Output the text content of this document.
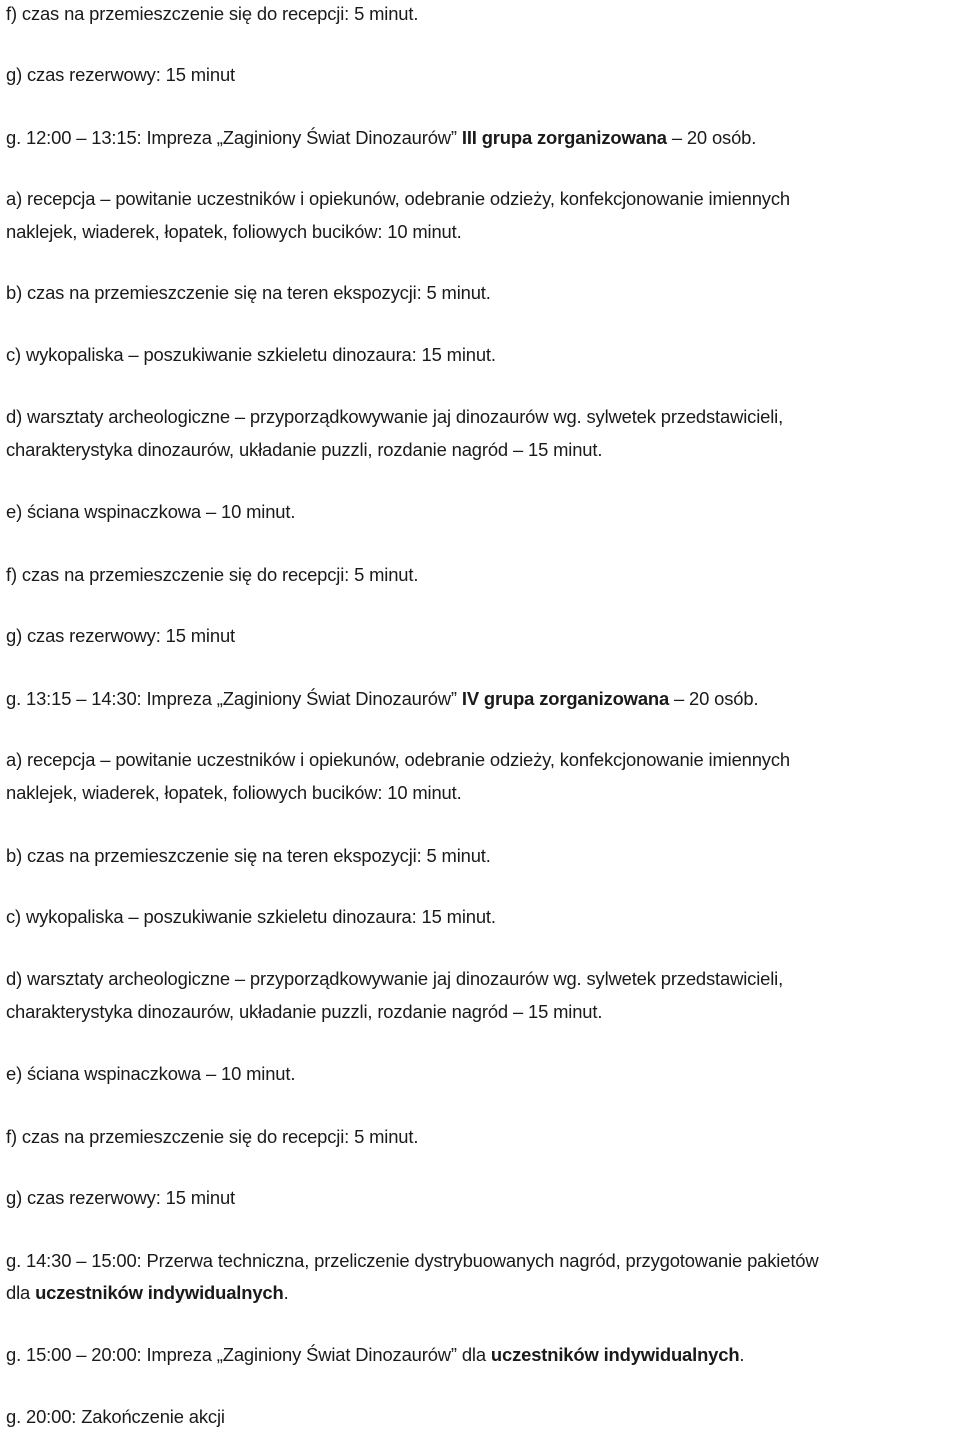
f) czas na przemieszczenie się do recepcji: 5 minut.
g) czas rezerwowy: 15 minut
g. 12:00 – 13:15: Impreza „Zaginiony Świat Dinozaurów” III grupa zorganizowana – 20 osób.
a) recepcja – powitanie uczestników i opiekunów, odebranie odzieży, konfekcjonowanie imiennych
naklejek, wiaderek, łopatek, foliowych bucików: 10 minut.
b) czas na przemieszczenie się na teren ekspozycji: 5 minut.
c) wykopaliska – poszukiwanie szkieletu dinozaura: 15 minut.
d) warsztaty archeologiczne – przyporządkowywanie jaj dinozaurów wg. sylwetek przedstawicieli,
charakterystyka dinozaurów, układanie puzzli, rozdanie nagród – 15 minut.
e) ściana wspinaczkowa – 10 minut.
f) czas na przemieszczenie się do recepcji: 5 minut.
g) czas rezerwowy: 15 minut
g. 13:15 – 14:30: Impreza „Zaginiony Świat Dinozaurów” IV grupa zorganizowana – 20 osób.
a) recepcja – powitanie uczestników i opiekunów, odebranie odzieży, konfekcjonowanie imiennych
naklejek, wiaderek, łopatek, foliowych bucików: 10 minut.
b) czas na przemieszczenie się na teren ekspozycji: 5 minut.
c) wykopaliska – poszukiwanie szkieletu dinozaura: 15 minut.
d) warsztaty archeologiczne – przyporządkowywanie jaj dinozaurów wg. sylwetek przedstawicieli,
charakterystyka dinozaurów, układanie puzzli, rozdanie nagród – 15 minut.
e) ściana wspinaczkowa – 10 minut.
f) czas na przemieszczenie się do recepcji: 5 minut.
g) czas rezerwowy: 15 minut
g. 14:30 – 15:00: Przerwa techniczna, przeliczenie dystrybuowanych nagród, przygotowanie pakietów
dla uczestników indywidualnych.
g. 15:00 – 20:00: Impreza „Zaginiony Świat Dinozaurów” dla uczestników indywidualnych.
g. 20:00: Zakończenie akcji
